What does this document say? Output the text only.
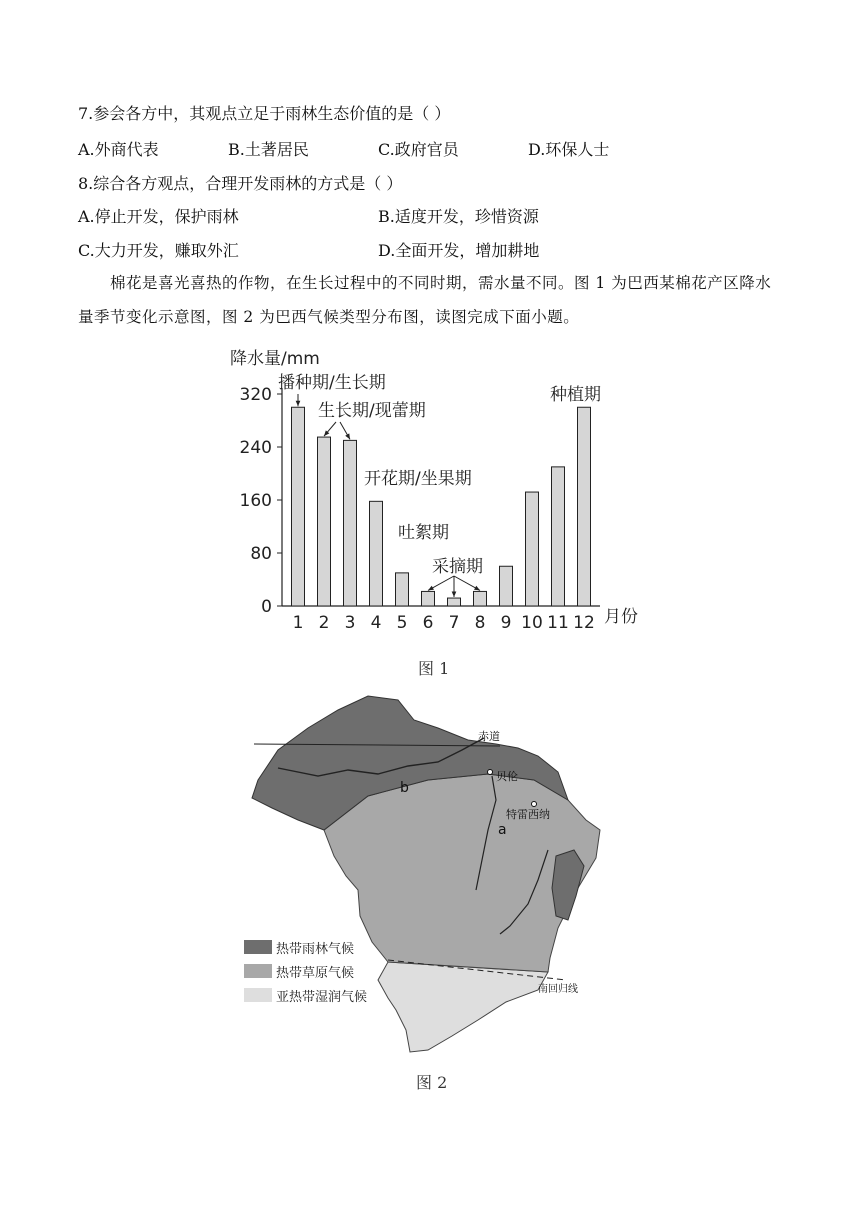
7.参会各方中，其观点立足于雨林生态价值的是（ ）
A.外商代表	B.土著居民	C.政府官员	D.环保人士
8.综合各方观点，合理开发雨林的方式是（ ）
A.停止开发，保护雨林	B.适度开发，珍惜资源
C.大力开发，赚取外汇	D.全面开发，增加耕地
棉花是喜光喜热的作物，在生长过程中的不同时期，需水量不同。图 1 为巴西某棉花产区降水量季节变化示意图，图 2 为巴西气候类型分布图，读图完成下面小题。
降水量/mm
月份
0
80
160
240
320
1 2 3 4 5 6 7 8 9 10 11 12
播种期/生长期
生长期/现蕾期
开花期/坐果期
吐絮期
采摘期
种植期
图 1
赤道
贝伦
特雷西纳
a
b
南回归线
热带雨林气候
热带草原气候
亚热带湿润气候
图 2
